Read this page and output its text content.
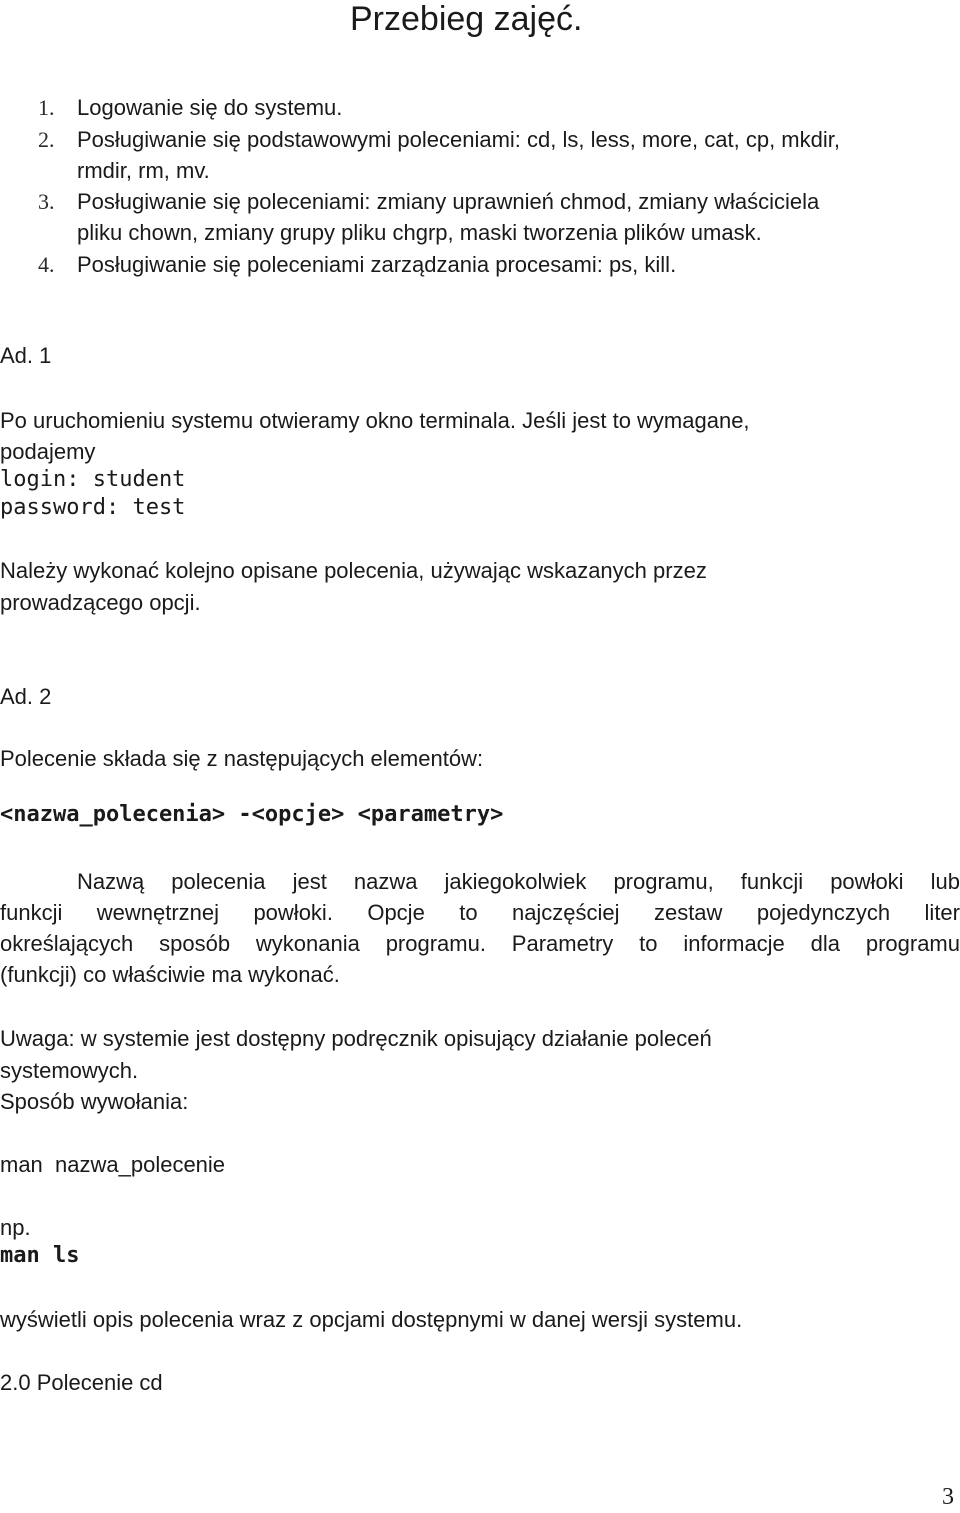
Przebieg zajęć.
1. Logowanie się do systemu.
2. Posługiwanie się podstawowymi poleceniami: cd, ls, less, more, cat, cp, mkdir,
rmdir, rm, mv.
3. Posługiwanie się poleceniami: zmiany uprawnień chmod, zmiany właściciela
pliku chown, zmiany grupy pliku chgrp, maski tworzenia plików umask.
4. Posługiwanie się poleceniami zarządzania procesami: ps, kill.
Ad. 1
Po uruchomieniu systemu otwieramy okno terminala. Jeśli jest to wymagane,
podajemy
login: student
password: test
Należy wykonać kolejno opisane polecenia, używając wskazanych przez
prowadzącego opcji.
Ad. 2
Polecenie składa się z następujących elementów:
<nazwa_polecenia> -<opcje> <parametry>
Nazwą polecenia jest nazwa jakiegokolwiek programu, funkcji powłoki lub
funkcji wewnętrznej powłoki. Opcje to najczęściej zestaw pojedynczych liter
określających sposób wykonania programu. Parametry to informacje dla programu
(funkcji) co właściwie ma wykonać.
Uwaga: w systemie jest dostępny podręcznik opisujący działanie poleceń
systemowych.
Sposób wywołania:
man  nazwa_polecenie
np.
man ls
wyświetli opis polecenia wraz z opcjami dostępnymi w danej wersji systemu.
2.0 Polecenie cd
3
